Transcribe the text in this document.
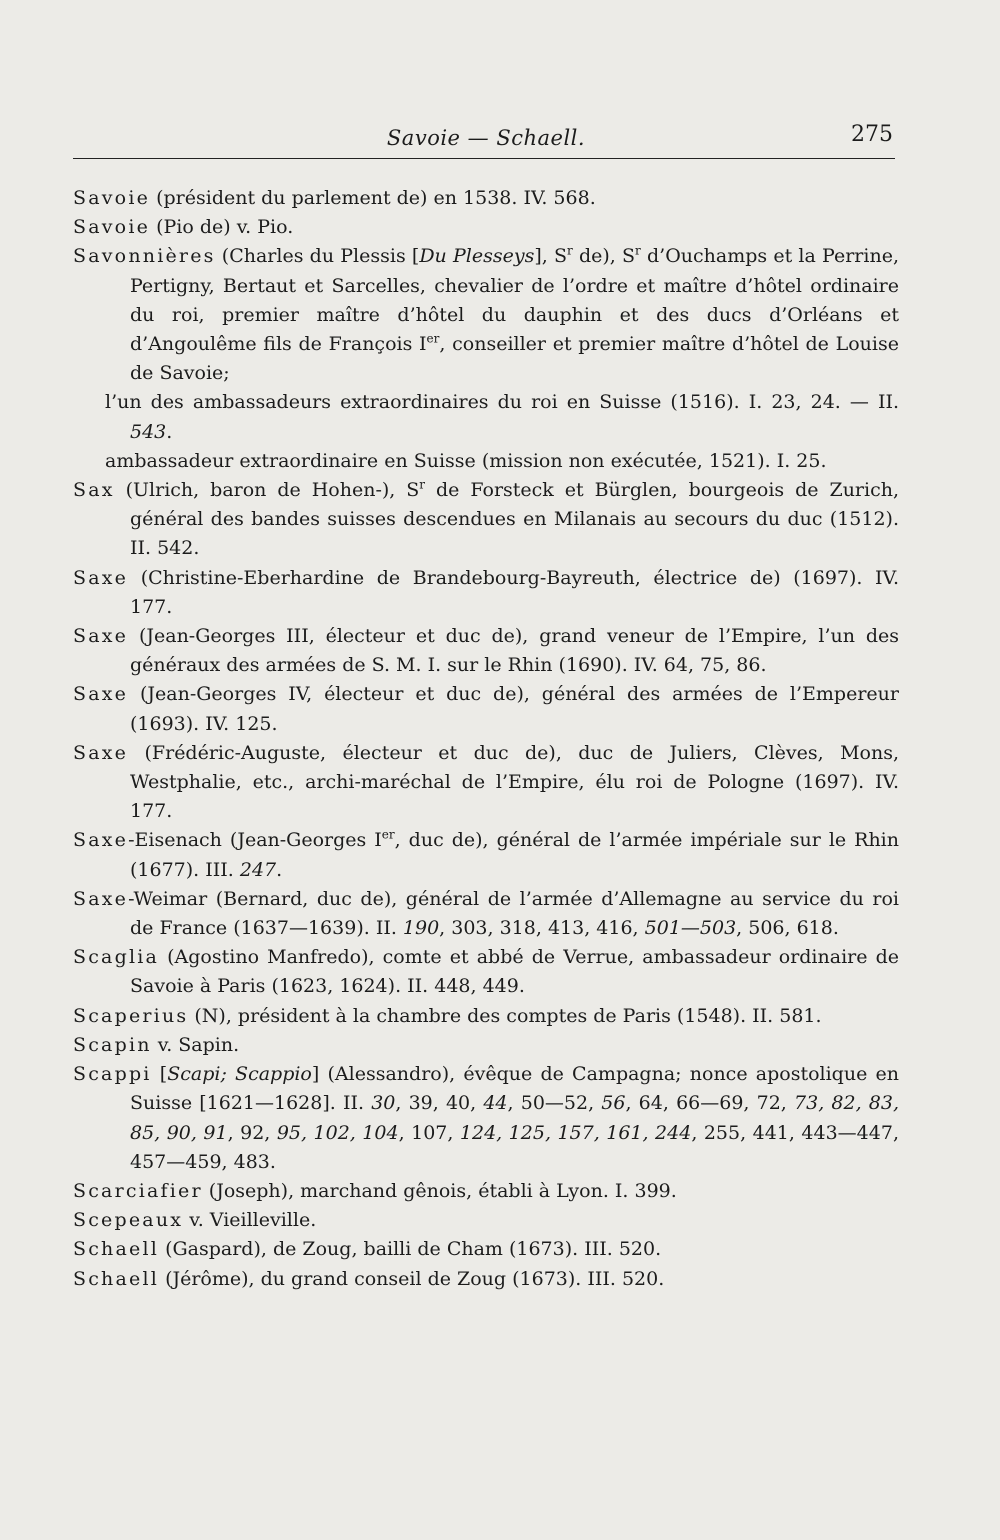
Savoie — Schaell.	275

Savoie (président du parlement de) en 1538. IV. 568.

Savoie (Pio de) v. Pio.

Savonnières (Charles du Plessis [Du Plesseys], $S^r$ de), $S^r$ d’Ouchamps et la Perrine, Pertigny, Bertaut et Sarcelles, chevalier de l’ordre et maître d’hôtel ordinaire du roi, premier maître d’hôtel du dauphin et des ducs d’Orléans et d’Angoulême fils de François Ier, conseiller et premier maître d’hôtel de Louise de Savoie;

l’un des ambassadeurs extraordinaires du roi en Suisse (1516). I. 23, 24. — II. 543.

ambassadeur extraordinaire en Suisse (mission non exécutée, 1521). I. 25.

Sax (Ulrich, baron de Hohen-), $S^r$ de Forsteck et Bürglen, bourgeois de Zurich, général des bandes suisses descendues en Milanais au secours du duc (1512). II. 542.

Saxe (Christine-Eberhardine de Brandebourg-Bayreuth, électrice de) (1697). IV. 177.

Saxe (Jean-Georges III, électeur et duc de), grand veneur de l’Empire, l’un des généraux des armées de S. M. I. sur le Rhin (1690). IV. 64, 75, 86.

Saxe (Jean-Georges IV, électeur et duc de), général des armées de l’Empereur (1693). IV. 125.

Saxe (Frédéric-Auguste, électeur et duc de), duc de Juliers, Clèves, Mons, Westphalie, etc., archi-maréchal de l’Empire, élu roi de Pologne (1697). IV. 177.

Saxe-Eisenach (Jean-Georges Ier, duc de), général de l’armée impériale sur le Rhin (1677). III. 247.

Saxe-Weimar (Bernard, duc de), général de l’armée d’Allemagne au service du roi de France (1637—1639). II. 190, 303, 318, 413, 416, 501—503, 506, 618.

Scaglia (Agostino Manfredo), comte et abbé de Verrue, ambassadeur ordinaire de Savoie à Paris (1623, 1624). II. 448, 449.

Scaperius (N), président à la chambre des comptes de Paris (1548). II. 581.

Scapin v. Sapin.

Scappi [Scapi; Scappio] (Alessandro), évêque de Campagna; nonce apostolique en Suisse [1621—1628]. II. 30, 39, 40, 44, 50—52, 56, 64, 66—69, 72, 73, 82, 83, 85, 90, 91, 92, 95, 102, 104, 107, 124, 125, 157, 161, 244, 255, 441, 443—447, 457—459, 483.

Scarciafier (Joseph), marchand gênois, établi à Lyon. I. 399.

Scepeaux v. Vieilleville.

Schaell (Gaspard), de Zoug, bailli de Cham (1673). III. 520.

Schaell (Jérôme), du grand conseil de Zoug (1673). III. 520.
